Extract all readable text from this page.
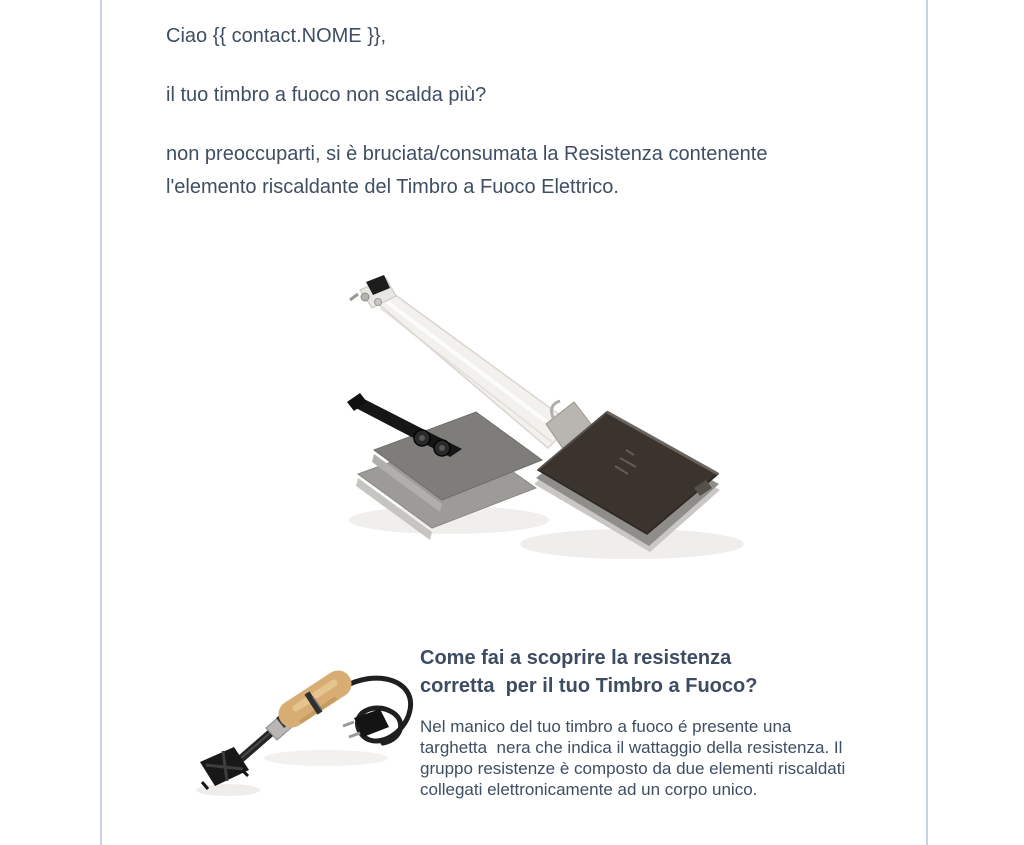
Ciao {{ contact.NOME }},

il tuo timbro a fuoco non scalda più?

non preoccuparti, si è bruciata/consumata la Resistenza contenente l'elemento riscaldante del Timbro a Fuoco Elettrico.

Come fai a scoprire la resistenza corretta  per il tuo Timbro a Fuoco?
Nel manico del tuo timbro a fuoco é presente una targhetta  nera che indica il wattaggio della resistenza. Il gruppo resistenze è composto da due elementi riscaldati collegati elettronicamente ad un corpo unico.
